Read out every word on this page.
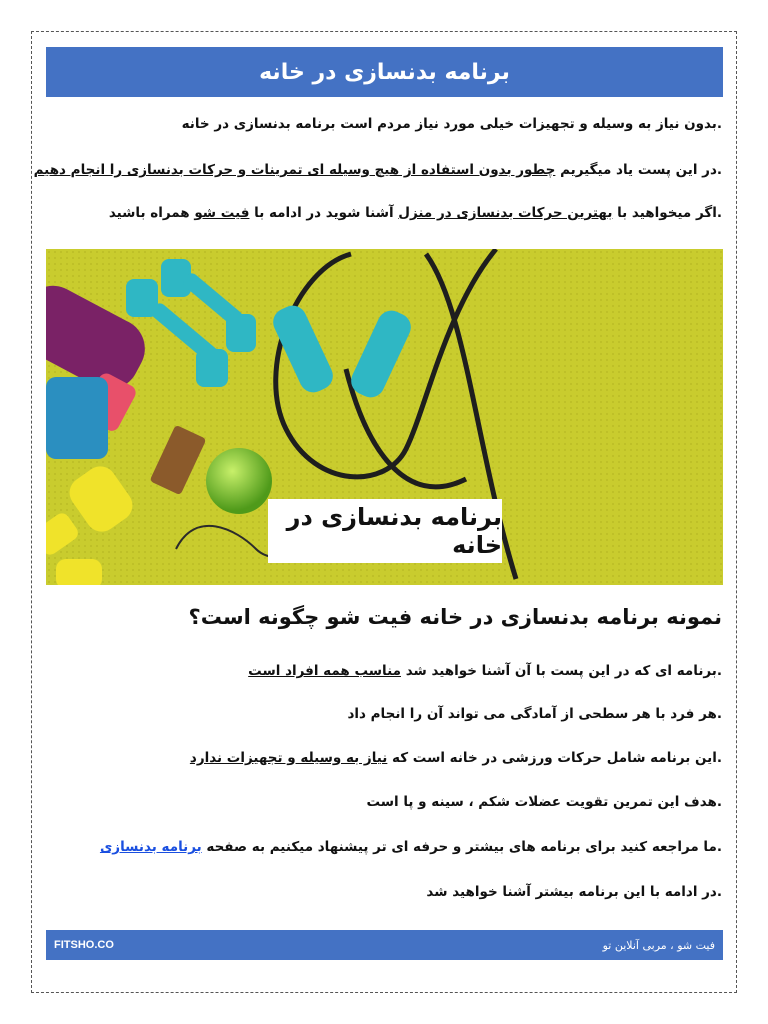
برنامه بدنسازی در خانه
.بدون نیاز به وسیله و تجهیزات خیلی مورد نیاز مردم است برنامه بدنسازی در خانه
.در این پست یاد میگیریم چطور بدون استفاده از هیچ وسیله ای تمرینات و حرکات بدنسازی را انجام دهیم
.اگر میخواهید با بهترین حرکات بدنسازی در منزل آشنا شوید در ادامه با فیت شو همراه باشید
برنامه بدنسازی در خانه
نمونه برنامه بدنسازی در خانه فیت شو چگونه است؟
.برنامه ای که در این پست با آن آشنا خواهید شد مناسب همه افراد است
.هر فرد با هر سطحی از آمادگی می تواند آن را انجام داد
.این برنامه شامل حرکات ورزشی در خانه است که نیاز به وسیله و تجهیزات ندارد
.هدف این تمرین تقویت عضلات شکم ، سینه و پا است
.ما مراجعه کنید برای برنامه های بیشتر و حرفه ای تر پیشنهاد میکنیم به صفحه برنامه بدنسازی
.در ادامه با این برنامه بیشتر آشنا خواهید شد
FITSHO.CO	فیت شو ، مربی آنلاین تو
